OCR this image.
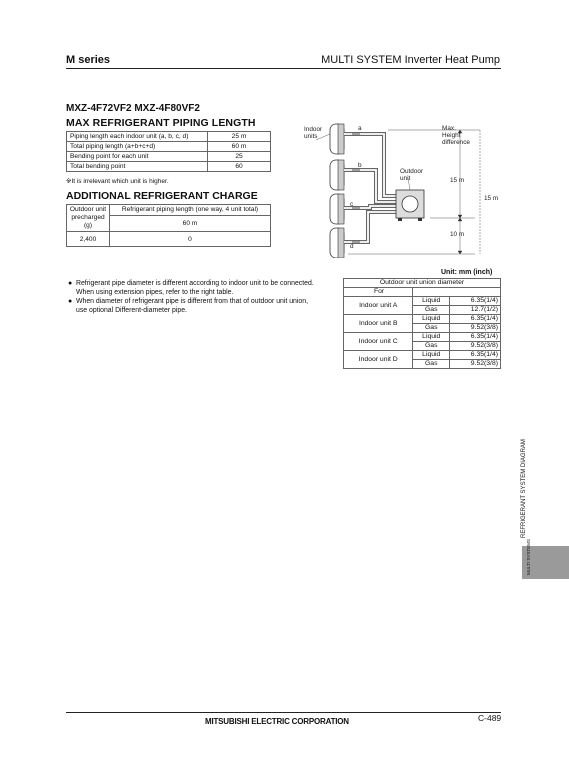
M series	MULTI SYSTEM Inverter Heat Pump
MXZ-4F72VF2 MXZ-4F80VF2
MAX REFRIGERANT PIPING LENGTH
Piping length each indoor unit (a, b, c, d)	25 m
Total piping length (a+b+c+d)	60 m
Bending point for each unit	25
Total bending point	60
※It is irrelevant which unit is higher.
ADDITIONAL REFRIGERANT CHARGE
Outdoor unit precharged (g)	Refrigerant piping length (one way, 4 unit total)
	60 m
2,400	0
Indoor
units
Outdoor
unit
Max.
Height
difference
a
b
c
d
15 m
15 m
10 m
● Refrigerant pipe diameter is different according to indoor unit to be connected. When using extension pipes, refer to the right table.
● When diameter of refrigerant pipe is different from that of outdoor unit union, use optional Different-diameter pipe.
Unit: mm (inch)
Outdoor unit union diameter		
For		
Indoor unit A	Liquid	6.35(1/4)
	Gas	12.7(1/2)
Indoor unit B	Liquid	6.35(1/4)
	Gas	9.52(3/8)
Indoor unit C	Liquid	6.35(1/4)
	Gas	9.52(3/8)
Indoor unit D	Liquid	6.35(1/4)
	Gas	9.52(3/8)
REFRIGERANT SYSTEM DIAGRAM
MULTI SYSTEMS
MITSUBISHI ELECTRIC CORPORATION	C-489
